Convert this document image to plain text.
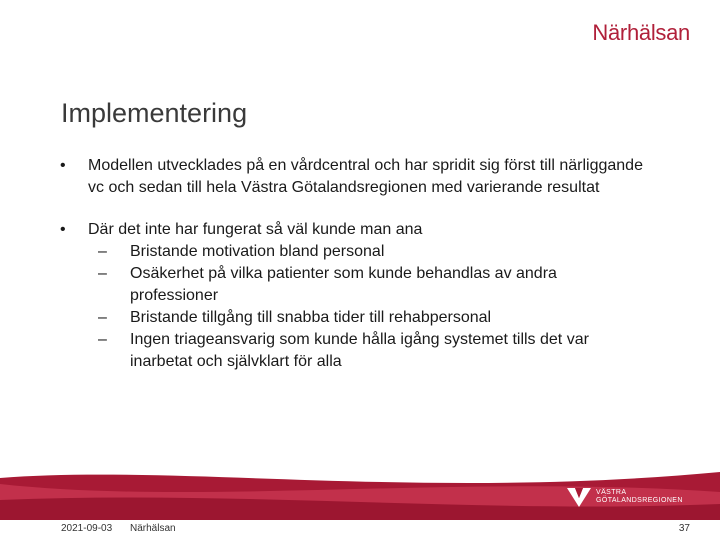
Närhälsan
Implementering
•	Modellen utvecklades på en vårdcentral och har spridit sig först till närliggande vc och sedan till hela Västra Götalandsregionen med varierande resultat
•	Där det inte har fungerat så väl kunde man ana
–	Bristande motivation bland personal
–	Osäkerhet på vilka patienter som kunde behandlas av andra professioner
–	Bristande tillgång till snabba tider till rehabpersonal
–	Ingen triageansvarig som kunde hålla igång systemet tills det var inarbetat och självklart för alla
VÄSTRA
GÖTALANDSREGIONEN
2021-09-03 Närhälsan	37
